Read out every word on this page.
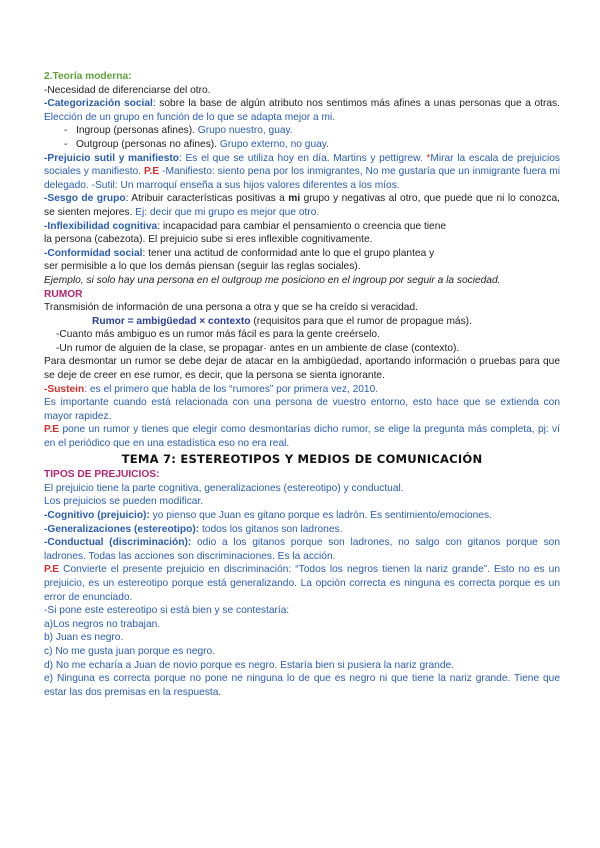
2.Teoría moderna:
-Necesidad de diferenciarse del otro.
-Categorización social: sobre la base de algún atributo nos sentimos más afines a unas personas que a otras. Elección de un grupo en función de lo que se adapta mejor a mi.
- Ingroup (personas afines). Grupo nuestro, guay.
- Outgroup (personas no afines). Grupo externo, no guay.
-Prejuicio sutil y manifiesto: Es el que se utiliza hoy en día. Martins y pettigrew. *Mirar la escala de prejuicios sociales y manifiesto. P.E -Manifiesto: siento pena por los inmigrantes, No me gustaría que un inmigrante fuera mi delegado. -Sutil: Un marroquí enseña a sus hijos valores diferentes a los míos.
-Sesgo de grupo: Atribuir características positivas a mi grupo y negativas al otro, que puede que ni lo conozca, se sienten mejores. Ej: decir que mi grupo es mejor que otro.
-Inflexibilidad cognitiva: incapacidad para cambiar el pensamiento o creencia que tiene
la persona (cabezota). El prejuicio sube si eres inflexible cognitivamente.
-Conformidad social: tener una actitud de conformidad ante lo que el grupo plantea y
ser permisible a lo que los demás piensan (seguir las reglas sociales).
Ejemplo, si solo hay una persona en el outgroup me posiciono en el ingroup por seguir a la sociedad.
RUMOR
Transmisión de información de una persona a otra y que se ha creído si veracidad.
Rumor = ambigüedad × contexto (requisitos para que el rumor de propague más).
-Cuanto más ambiguo es un rumor más fácil es para la gente creérselo.
-Un rumor de alguien de la clase, se propagar· antes en un ambiente de clase (contexto).
Para desmontar un rumor se debe dejar de atacar en la ambigüedad, aportando información o pruebas para que se deje de creer en ese rumor, es decir, que la persona se sienta ignorante.
-Sustein: es el primero que habla de los “rumores” por primera vez, 2010.
Es importante cuando está relacionada con una persona de vuestro entorno, esto hace que se extienda con mayor rapidez.
P.E pone un rumor y tienes que elegir como desmontarías dicho rumor, se elige la pregunta más completa, pj: ví en el periódico que en una estadística eso no era real.
TEMA 7: ESTEREOTIPOS Y MEDIOS DE COMUNICACIÓN
TIPOS DE PREJUICIOS:
El prejuicio tiene la parte cognitiva, generalizaciones (estereotipo) y conductual.
Los prejuicios se pueden modificar.
-Cognitivo (prejuicio): yo pienso que Juan es gitano porque es ladrón. Es sentimiento/emociones.
-Generalizaciones (estereotipo): todos los gitanos son ladrones.
-Conductual (discriminación): odio a los gitanos porque son ladrones, no salgo con gitanos porque son ladrones. Todas las acciones son discriminaciones. Es la acción.
P.E Convierte el presente prejuicio en discriminación: “Todos los negros tienen la nariz grande”. Esto no es un prejuicio, es un estereotipo porque está generalizando. La opción correcta es ninguna es correcta porque es un error de enunciado.
-Si pone este estereotipo si está bien y se contestaría:
a)Los negros no trabajan.
b) Juan es negro.
c) No me gusta juan porque es negro.
d) No me echaría a Juan de novio porque es negro. Estaría bien si pusiera la nariz grande.
e) Ninguna es correcta porque no pone ne ninguna lo de que es negro ni que tiene la nariz grande. Tiene que estar las dos premisas en la respuesta.
